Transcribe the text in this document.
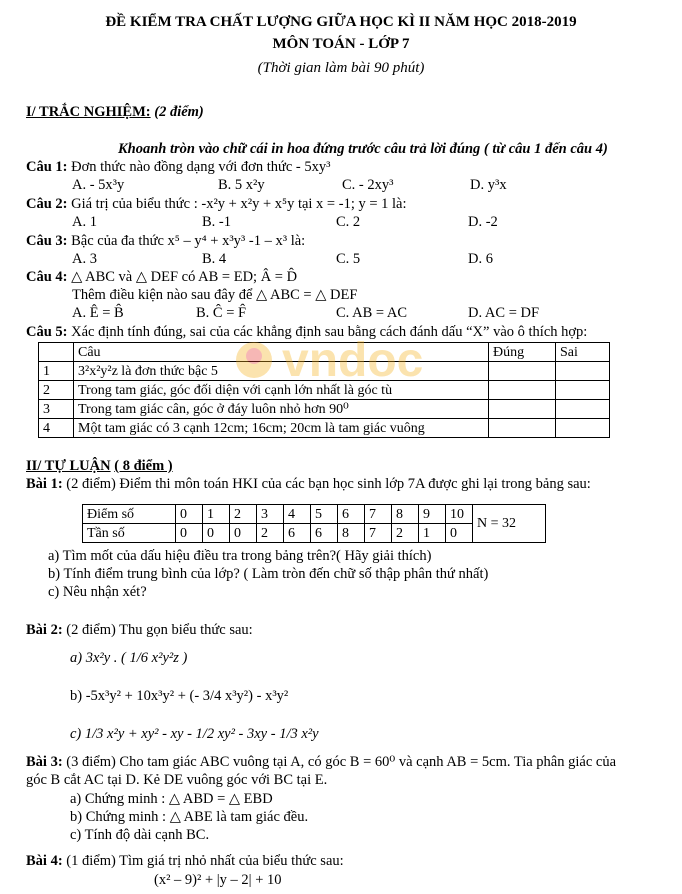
ĐỀ KIỂM TRA CHẤT LƯỢNG GIỮA HỌC KÌ II NĂM HỌC 2018-2019
MÔN TOÁN - LỚP 7
(Thời gian làm bài 90 phút)
I/ TRẮC NGHIỆM: (2 điểm)
Khoanh tròn vào chữ cái in hoa đứng trước câu trả lời đúng ( từ câu 1 đến câu 4)
Câu 1: Đơn thức nào đồng dạng với đơn thức - 5xy³
A. - 5x³y	B. 5 x²y	C. - 2xy³	D. y³x
Câu 2: Giá trị của biểu thức : -x²y + x²y + x⁵y tại x = -1; y = 1 là:
A. 1	B. -1	C. 2	D. -2
Câu 3: Bậc của đa thức x⁵ – y⁴ + x³y³ -1 – x³ là:
A. 3	B. 4	C. 5	D. 6
Câu 4: △ ABC và △ DEF có AB = ED; Â = D̂
Thêm điều kiện nào sau đây để △ ABC = △ DEF
A. Ê = B̂	B. Ĉ = F̂	C. AB = AC	D. AC = DF
Câu 5: Xác định tính đúng, sai của các khẳng định sau bằng cách đánh dấu “X” vào ô thích hợp:
	Câu	Đúng	Sai
1	3²x²y²z là đơn thức bậc 5		
2	Trong tam giác, góc đối diện với cạnh lớn nhất là góc tù		
3	Trong tam giác cân, góc ở đáy luôn nhỏ hơn 90⁰		
4	Một tam giác có 3 cạnh 12cm; 16cm; 20cm là tam giác vuông		
vndoc
II/ TỰ LUẬN ( 8 điểm )
Bài 1: (2 điểm) Điểm thi môn toán HKI của các bạn học sinh lớp 7A được ghi lại trong bảng sau:
Điểm số	0	1	2	3	4	5	6	7	8	9	10	N = 32
Tần số	0	0	0	2	6	6	8	7	2	1	0	
a) Tìm mốt của dấu hiệu điều tra trong bảng trên?( Hãy giải thích)
b) Tính điểm trung bình của lớp? ( Làm tròn đến chữ số thập phân thứ nhất)
c) Nêu nhận xét?
Bài 2: (2 điểm) Thu gọn biểu thức sau:
a) 3x²y . ( 1/6 x²y²z )
b) -5x³y² + 10x³y² + (- 3/4 x³y²) - x³y²
c) 1/3 x²y + xy² - xy - 1/2 xy² - 3xy - 1/3 x²y
Bài 3: (3 điểm) Cho tam giác ABC vuông tại A, có góc B = 60⁰ và cạnh AB = 5cm. Tia phân giác của
góc B cắt AC tại D. Kẻ DE vuông góc với BC tại E.
a) Chứng minh : △ ABD = △ EBD
b) Chứng minh : △ ABE là tam giác đều.
c) Tính độ dài cạnh BC.
Bài 4: (1 điểm) Tìm giá trị nhỏ nhất của biểu thức sau:
(x² – 9)² + |y – 2| + 10
